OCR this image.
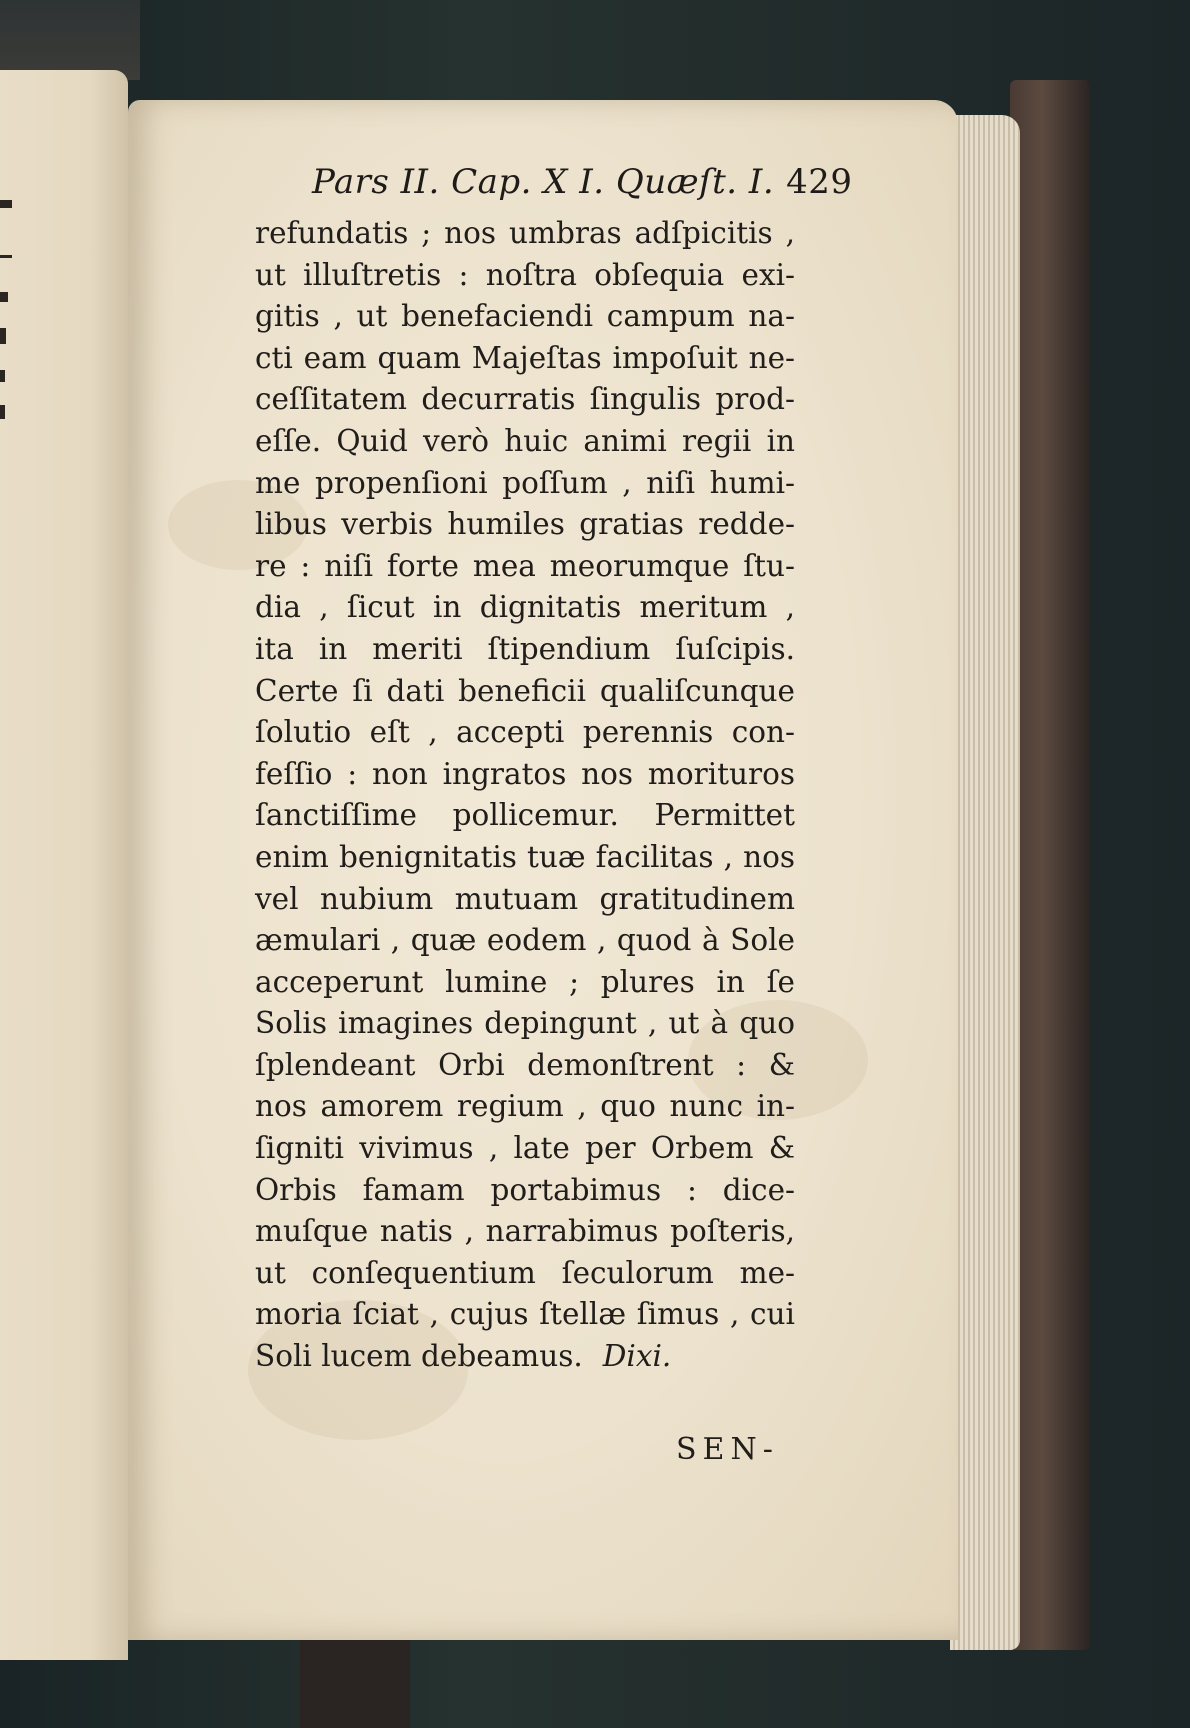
Pars II. Cap. X I. Quæſt. I. 429
refundatis ; nos umbras adſpicitis ,
ut illuſtretis : noſtra obſequia exi-
gitis , ut benefaciendi campum na-
cti eam quam Majeſtas impoſuit ne-
ceſſitatem decurratis ſingulis prod-
eſſe. Quid verò huic animi regii in
me propenſioni poſſum , niſi humi-
libus verbis humiles gratias redde-
re : niſi forte mea meorumque ſtu-
dia , ſicut in dignitatis meritum ,
ita in meriti ſtipendium ſuſcipis.
Certe ſi dati beneficii qualiſcunque
ſolutio eſt , accepti perennis con-
feſſio : non ingratos nos morituros
ſanctiſſime pollicemur. Permittet
enim benignitatis tuæ facilitas , nos
vel nubium mutuam gratitudinem
æmulari , quæ eodem , quod à Sole
acceperunt lumine ; plures in ſe
Solis imagines depingunt , ut à quo
ſplendeant Orbi demonſtrent : &
nos amorem regium , quo nunc in-
ſigniti vivimus , late per Orbem &
Orbis famam portabimus : dice-
muſque natis , narrabimus poſteris,
ut conſequentium ſeculorum me-
moria ſciat , cujus ſtellæ ſimus , cui
Soli lucem debeamus. Dixi.
SEN-
